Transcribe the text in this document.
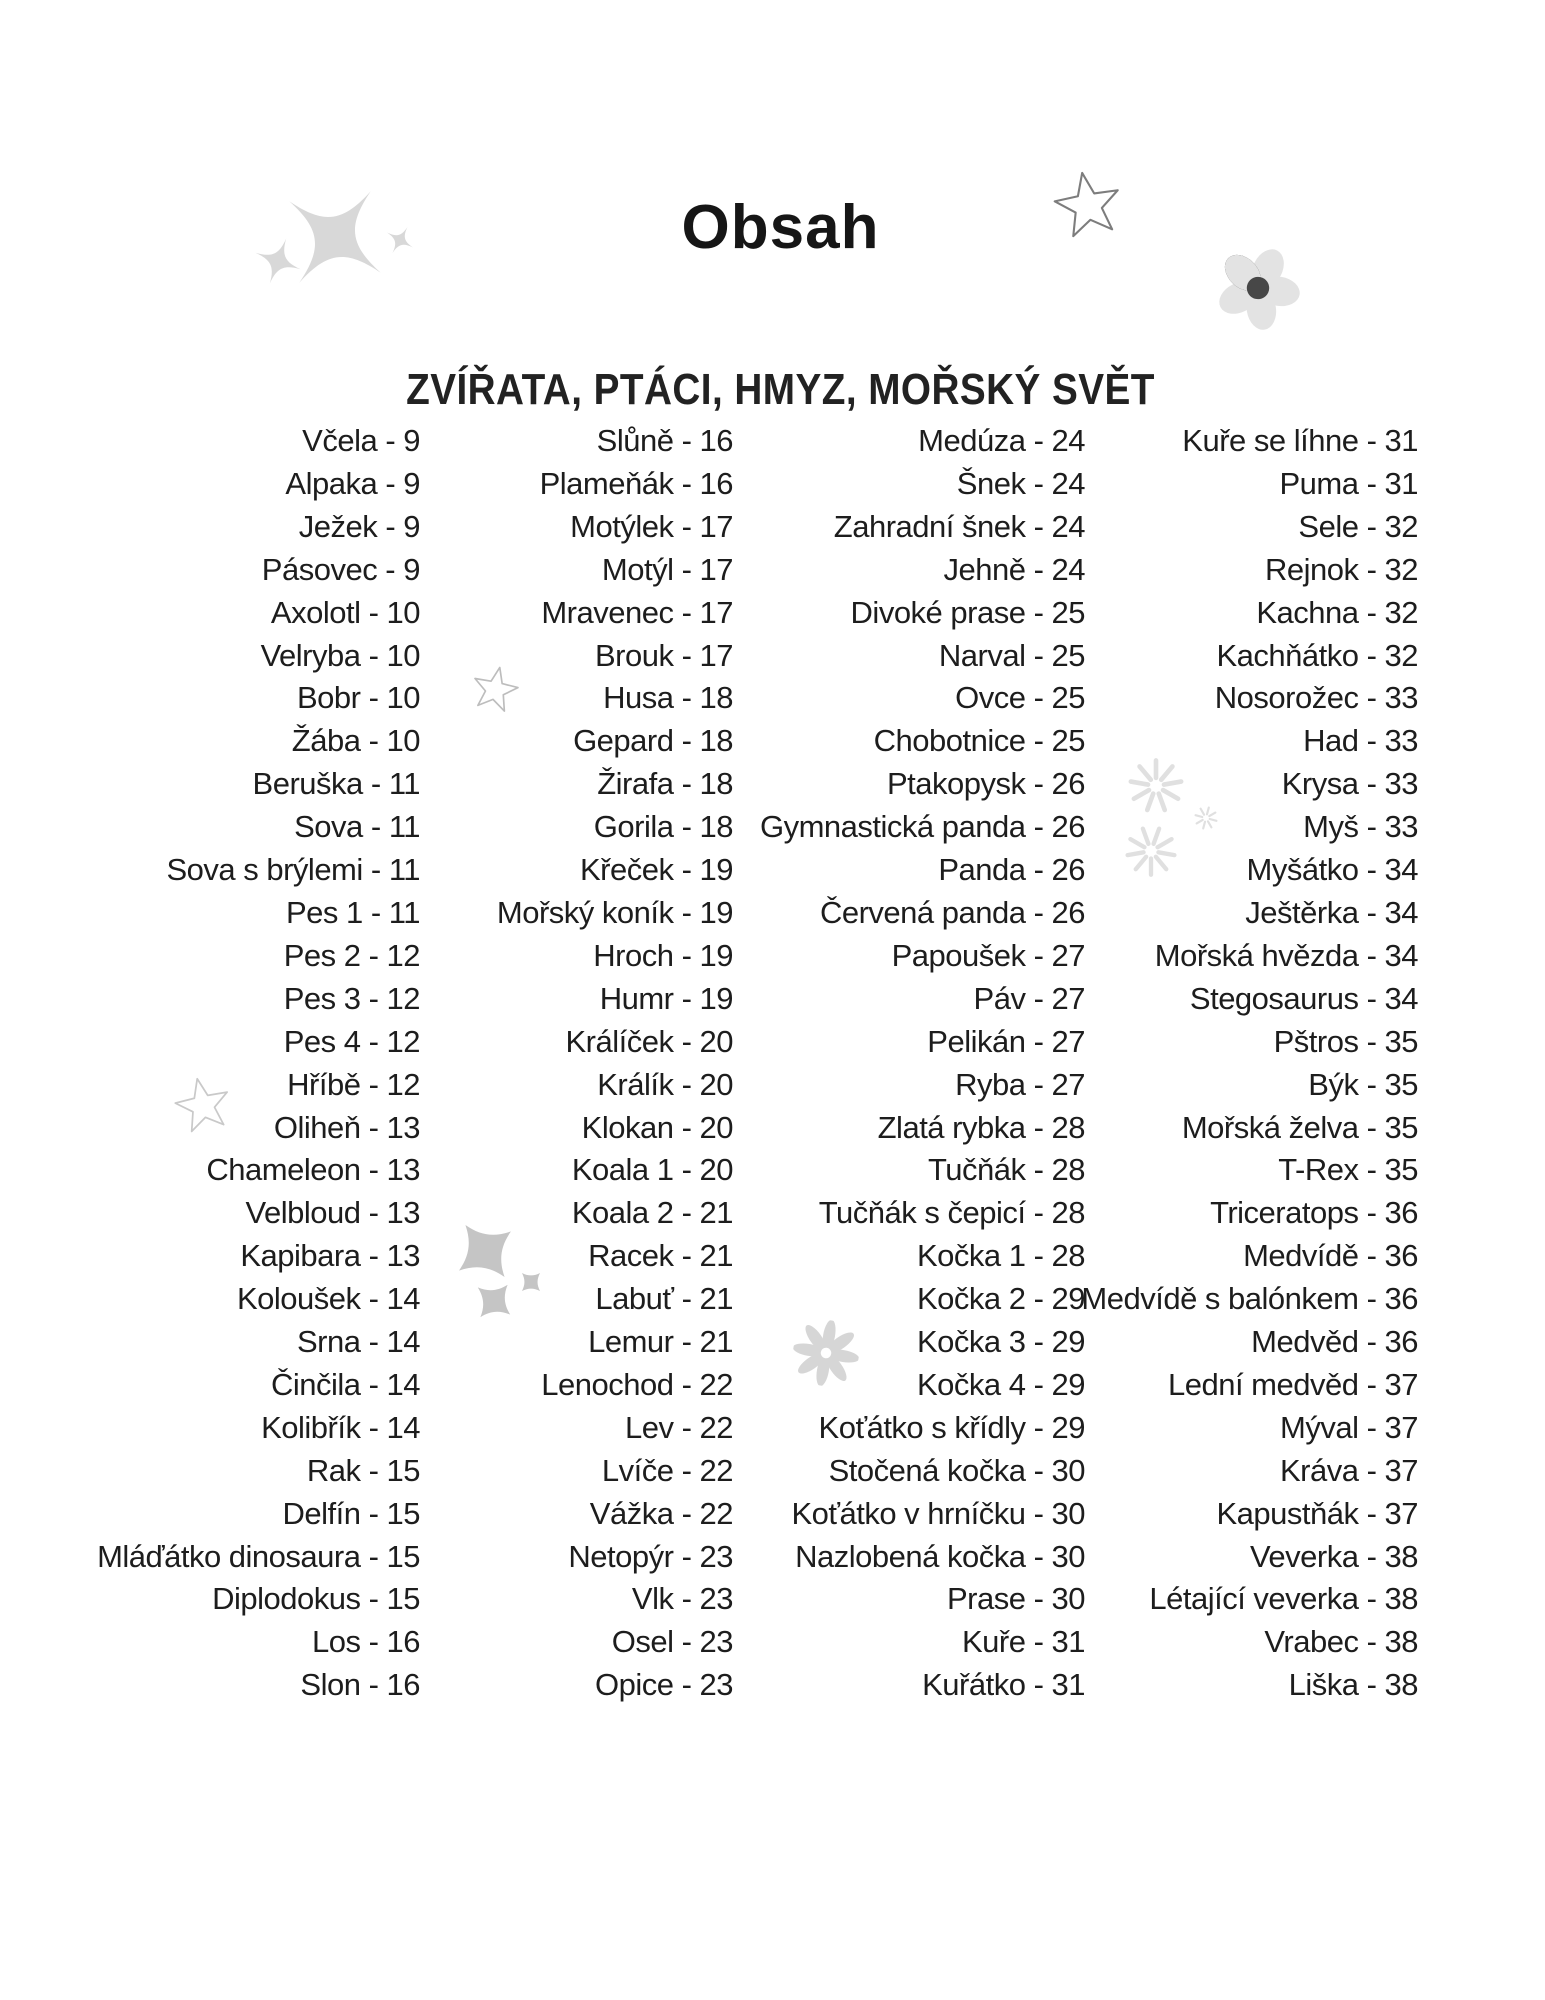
Obsah
ZVÍŘATA, PTÁCI, HMYZ, MOŘSKÝ SVĚT
Včela - 9
Alpaka - 9
Ježek - 9
Pásovec - 9
Axolotl - 10
Velryba - 10
Bobr - 10
Žába - 10
Beruška - 11
Sova - 11
Sova s brýlemi - 11
Pes 1 - 11
Pes 2 - 12
Pes 3 - 12
Pes 4 - 12
Hříbě - 12
Oliheň - 13
Chameleon - 13
Velbloud - 13
Kapibara - 13
Koloušek - 14
Srna - 14
Činčila - 14
Kolibřík - 14
Rak - 15
Delfín - 15
Mláďátko dinosaura - 15
Diplodokus - 15
Los - 16
Slon - 16
Slůně - 16
Plameňák - 16
Motýlek - 17
Motýl - 17
Mravenec - 17
Brouk - 17
Husa - 18
Gepard - 18
Žirafa - 18
Gorila - 18
Křeček - 19
Mořský koník - 19
Hroch - 19
Humr - 19
Králíček - 20
Králík - 20
Klokan - 20
Koala 1 - 20
Koala 2 - 21
Racek - 21
Labuť - 21
Lemur - 21
Lenochod - 22
Lev - 22
Lvíče - 22
Vážka - 22
Netopýr - 23
Vlk - 23
Osel - 23
Opice - 23
Medúza - 24
Šnek - 24
Zahradní šnek - 24
Jehně - 24
Divoké prase - 25
Narval - 25
Ovce - 25
Chobotnice - 25
Ptakopysk - 26
Gymnastická panda - 26
Panda - 26
Červená panda - 26
Papoušek - 27
Páv - 27
Pelikán - 27
Ryba - 27
Zlatá rybka - 28
Tučňák - 28
Tučňák s čepicí - 28
Kočka 1 - 28
Kočka 2 - 29
Kočka 3 - 29
Kočka 4 - 29
Koťátko s křídly - 29
Stočená kočka - 30
Koťátko v hrníčku - 30
Nazlobená kočka - 30
Prase - 30
Kuře - 31
Kuřátko - 31
Kuře se líhne - 31
Puma - 31
Sele - 32
Rejnok - 32
Kachna - 32
Kachňátko - 32
Nosorožec - 33
Had - 33
Krysa - 33
Myš - 33
Myšátko - 34
Ještěrka - 34
Mořská hvězda - 34
Stegosaurus - 34
Pštros - 35
Býk - 35
Mořská želva - 35
T-Rex - 35
Triceratops - 36
Medvídě - 36
Medvídě s balónkem - 36
Medvěd - 36
Lední medvěd - 37
Mýval - 37
Kráva - 37
Kapustňák - 37
Veverka - 38
Létající veverka - 38
Vrabec - 38
Liška - 38
